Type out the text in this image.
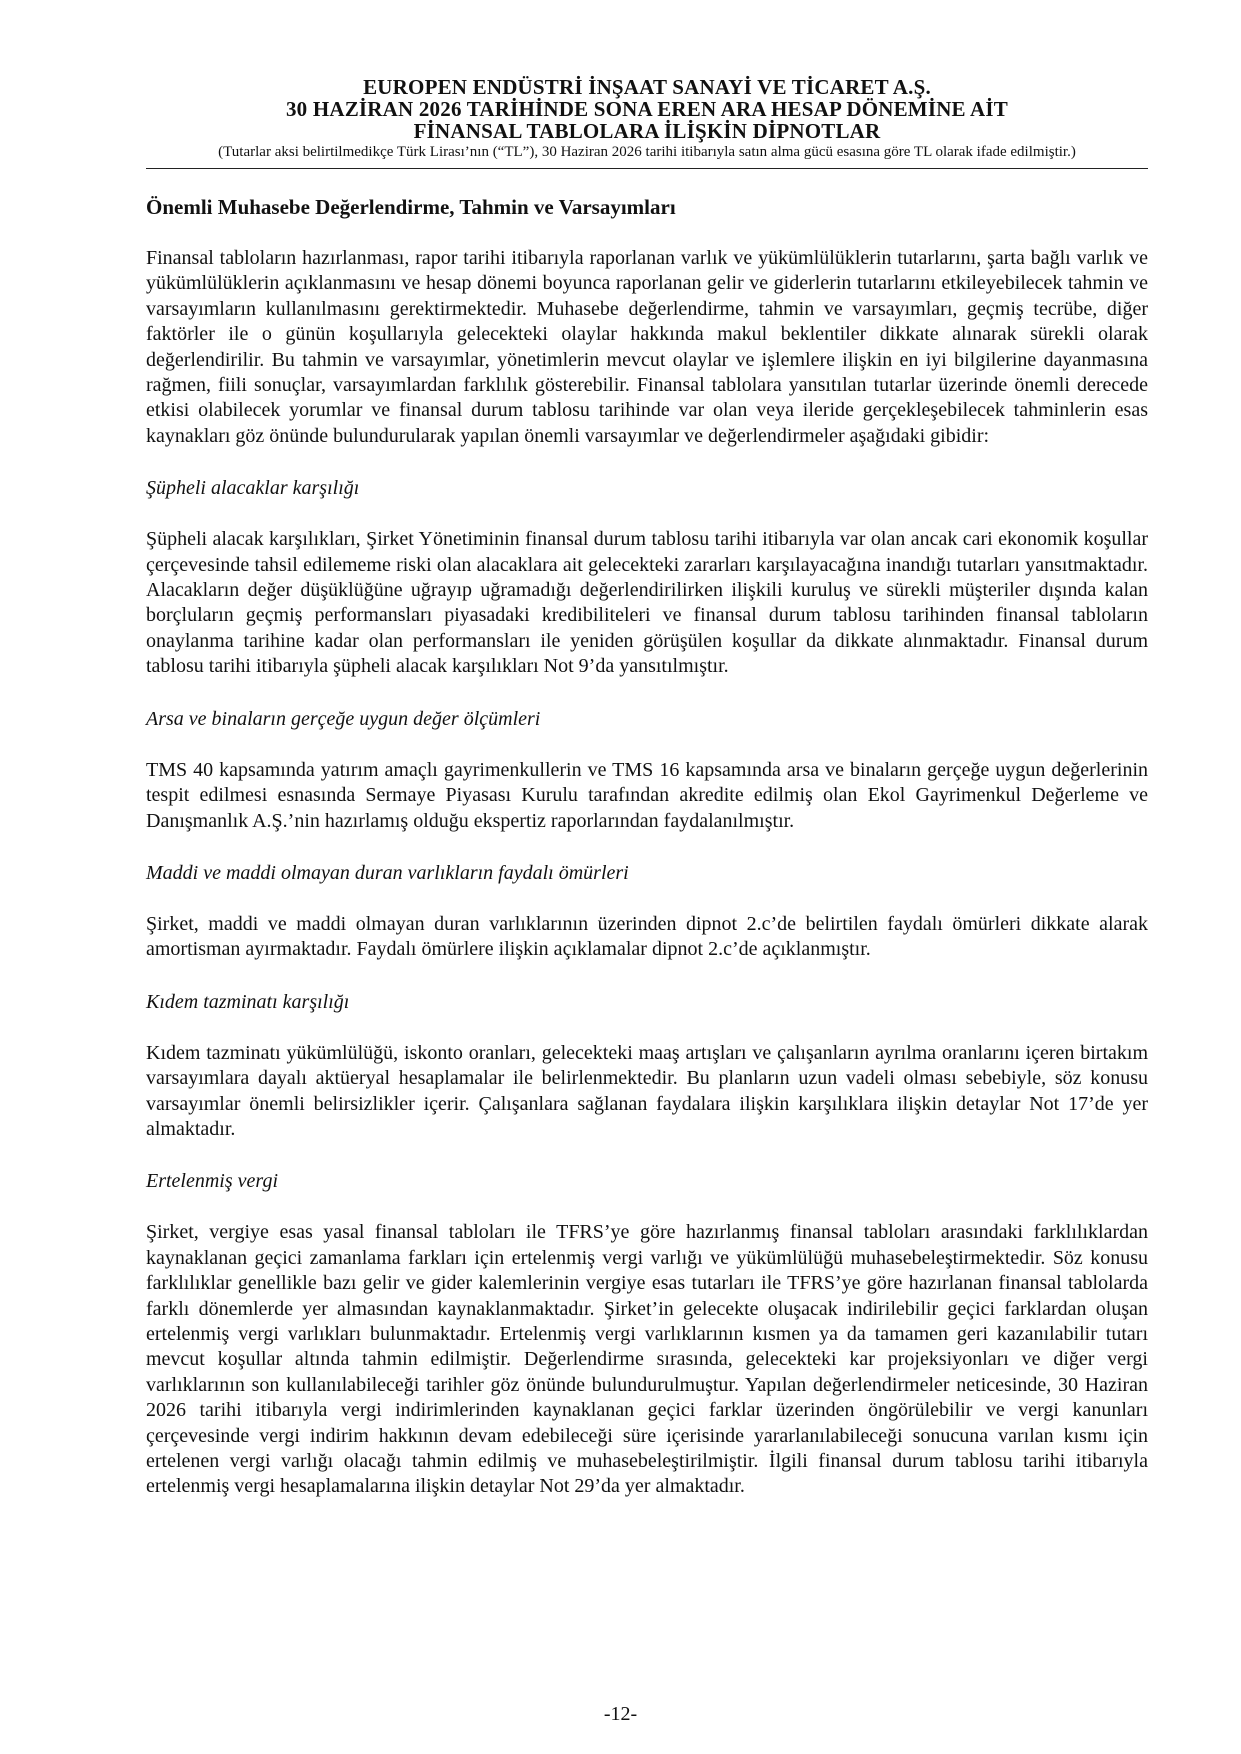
EUROPEN ENDÜSTRİ İNŞAAT SANAYİ VE TİCARET A.Ş.
30 HAZİRAN 2026 TARİHİNDE SONA EREN ARA HESAP DÖNEMİNE AİT
FİNANSAL TABLOLARA İLİŞKİN DİPNOTLAR
(Tutarlar aksi belirtilmedikçe Türk Lirası’nın (“TL”), 30 Haziran 2026 tarihi itibarıyla satın alma gücü esasına göre TL olarak ifade edilmiştir.)
Önemli Muhasebe Değerlendirme, Tahmin ve Varsayımları

Finansal tabloların hazırlanması, rapor tarihi itibarıyla raporlanan varlık ve yükümlülüklerin tutarlarını, şarta bağlı varlık ve yükümlülüklerin açıklanmasını ve hesap dönemi boyunca raporlanan gelir ve giderlerin tutarlarını etkileyebilecek tahmin ve varsayımların kullanılmasını gerektirmektedir. Muhasebe değerlendirme, tahmin ve varsayımları, geçmiş tecrübe, diğer faktörler ile o günün koşullarıyla gelecekteki olaylar hakkında makul beklentiler dikkate alınarak sürekli olarak değerlendirilir. Bu tahmin ve varsayımlar, yönetimlerin mevcut olaylar ve işlemlere ilişkin en iyi bilgilerine dayanmasına rağmen, fiili sonuçlar, varsayımlardan farklılık gösterebilir. Finansal tablolara yansıtılan tutarlar üzerinde önemli derecede etkisi olabilecek yorumlar ve finansal durum tablosu tarihinde var olan veya ileride gerçekleşebilecek tahminlerin esas kaynakları göz önünde bulundurularak yapılan önemli varsayımlar ve değerlendirmeler aşağıdaki gibidir:

Şüpheli alacaklar karşılığı

Şüpheli alacak karşılıkları, Şirket Yönetiminin finansal durum tablosu tarihi itibarıyla var olan ancak cari ekonomik koşullar çerçevesinde tahsil edilememe riski olan alacaklara ait gelecekteki zararları karşılayacağına inandığı tutarları yansıtmaktadır. Alacakların değer düşüklüğüne uğrayıp uğramadığı değerlendirilirken ilişkili kuruluş ve sürekli müşteriler dışında kalan borçluların geçmiş performansları piyasadaki kredibiliteleri ve finansal durum tablosu tarihinden finansal tabloların onaylanma tarihine kadar olan performansları ile yeniden görüşülen koşullar da dikkate alınmaktadır. Finansal durum tablosu tarihi itibarıyla şüpheli alacak karşılıkları Not 9’da yansıtılmıştır.

Arsa ve binaların gerçeğe uygun değer ölçümleri

TMS 40 kapsamında yatırım amaçlı gayrimenkullerin ve TMS 16 kapsamında arsa ve binaların gerçeğe uygun değerlerinin tespit edilmesi esnasında Sermaye Piyasası Kurulu tarafından akredite edilmiş olan Ekol Gayrimenkul Değerleme ve Danışmanlık A.Ş.’nin hazırlamış olduğu ekspertiz raporlarından faydalanılmıştır.

Maddi ve maddi olmayan duran varlıkların faydalı ömürleri

Şirket, maddi ve maddi olmayan duran varlıklarının üzerinden dipnot 2.c’de belirtilen faydalı ömürleri dikkate alarak amortisman ayırmaktadır. Faydalı ömürlere ilişkin açıklamalar dipnot 2.c’de açıklanmıştır.

Kıdem tazminatı karşılığı

Kıdem tazminatı yükümlülüğü, iskonto oranları, gelecekteki maaş artışları ve çalışanların ayrılma oranlarını içeren birtakım varsayımlara dayalı aktüeryal hesaplamalar ile belirlenmektedir. Bu planların uzun vadeli olması sebebiyle, söz konusu varsayımlar önemli belirsizlikler içerir. Çalışanlara sağlanan faydalara ilişkin karşılıklara ilişkin detaylar Not 17’de yer almaktadır.

Ertelenmiş vergi

Şirket, vergiye esas yasal finansal tabloları ile TFRS’ye göre hazırlanmış finansal tabloları arasındaki farklılıklardan kaynaklanan geçici zamanlama farkları için ertelenmiş vergi varlığı ve yükümlülüğü muhasebeleştirmektedir. Söz konusu farklılıklar genellikle bazı gelir ve gider kalemlerinin vergiye esas tutarları ile TFRS’ye göre hazırlanan finansal tablolarda farklı dönemlerde yer almasından kaynaklanmaktadır. Şirket’in gelecekte oluşacak indirilebilir geçici farklardan oluşan ertelenmiş vergi varlıkları bulunmaktadır. Ertelenmiş vergi varlıklarının kısmen ya da tamamen geri kazanılabilir tutarı mevcut koşullar altında tahmin edilmiştir. Değerlendirme sırasında, gelecekteki kar projeksiyonları ve diğer vergi varlıklarının son kullanılabileceği tarihler göz önünde bulundurulmuştur. Yapılan değerlendirmeler neticesinde, 30 Haziran 2026 tarihi itibarıyla vergi indirimlerinden kaynaklanan geçici farklar üzerinden öngörülebilir ve vergi kanunları çerçevesinde vergi indirim hakkının devam edebileceği süre içerisinde yararlanılabileceği sonucuna varılan kısmı için ertelenen vergi varlığı olacağı tahmin edilmiş ve muhasebeleştirilmiştir. İlgili finansal durum tablosu tarihi itibarıyla ertelenmiş vergi hesaplamalarına ilişkin detaylar Not 29’da yer almaktadır.

-12-
